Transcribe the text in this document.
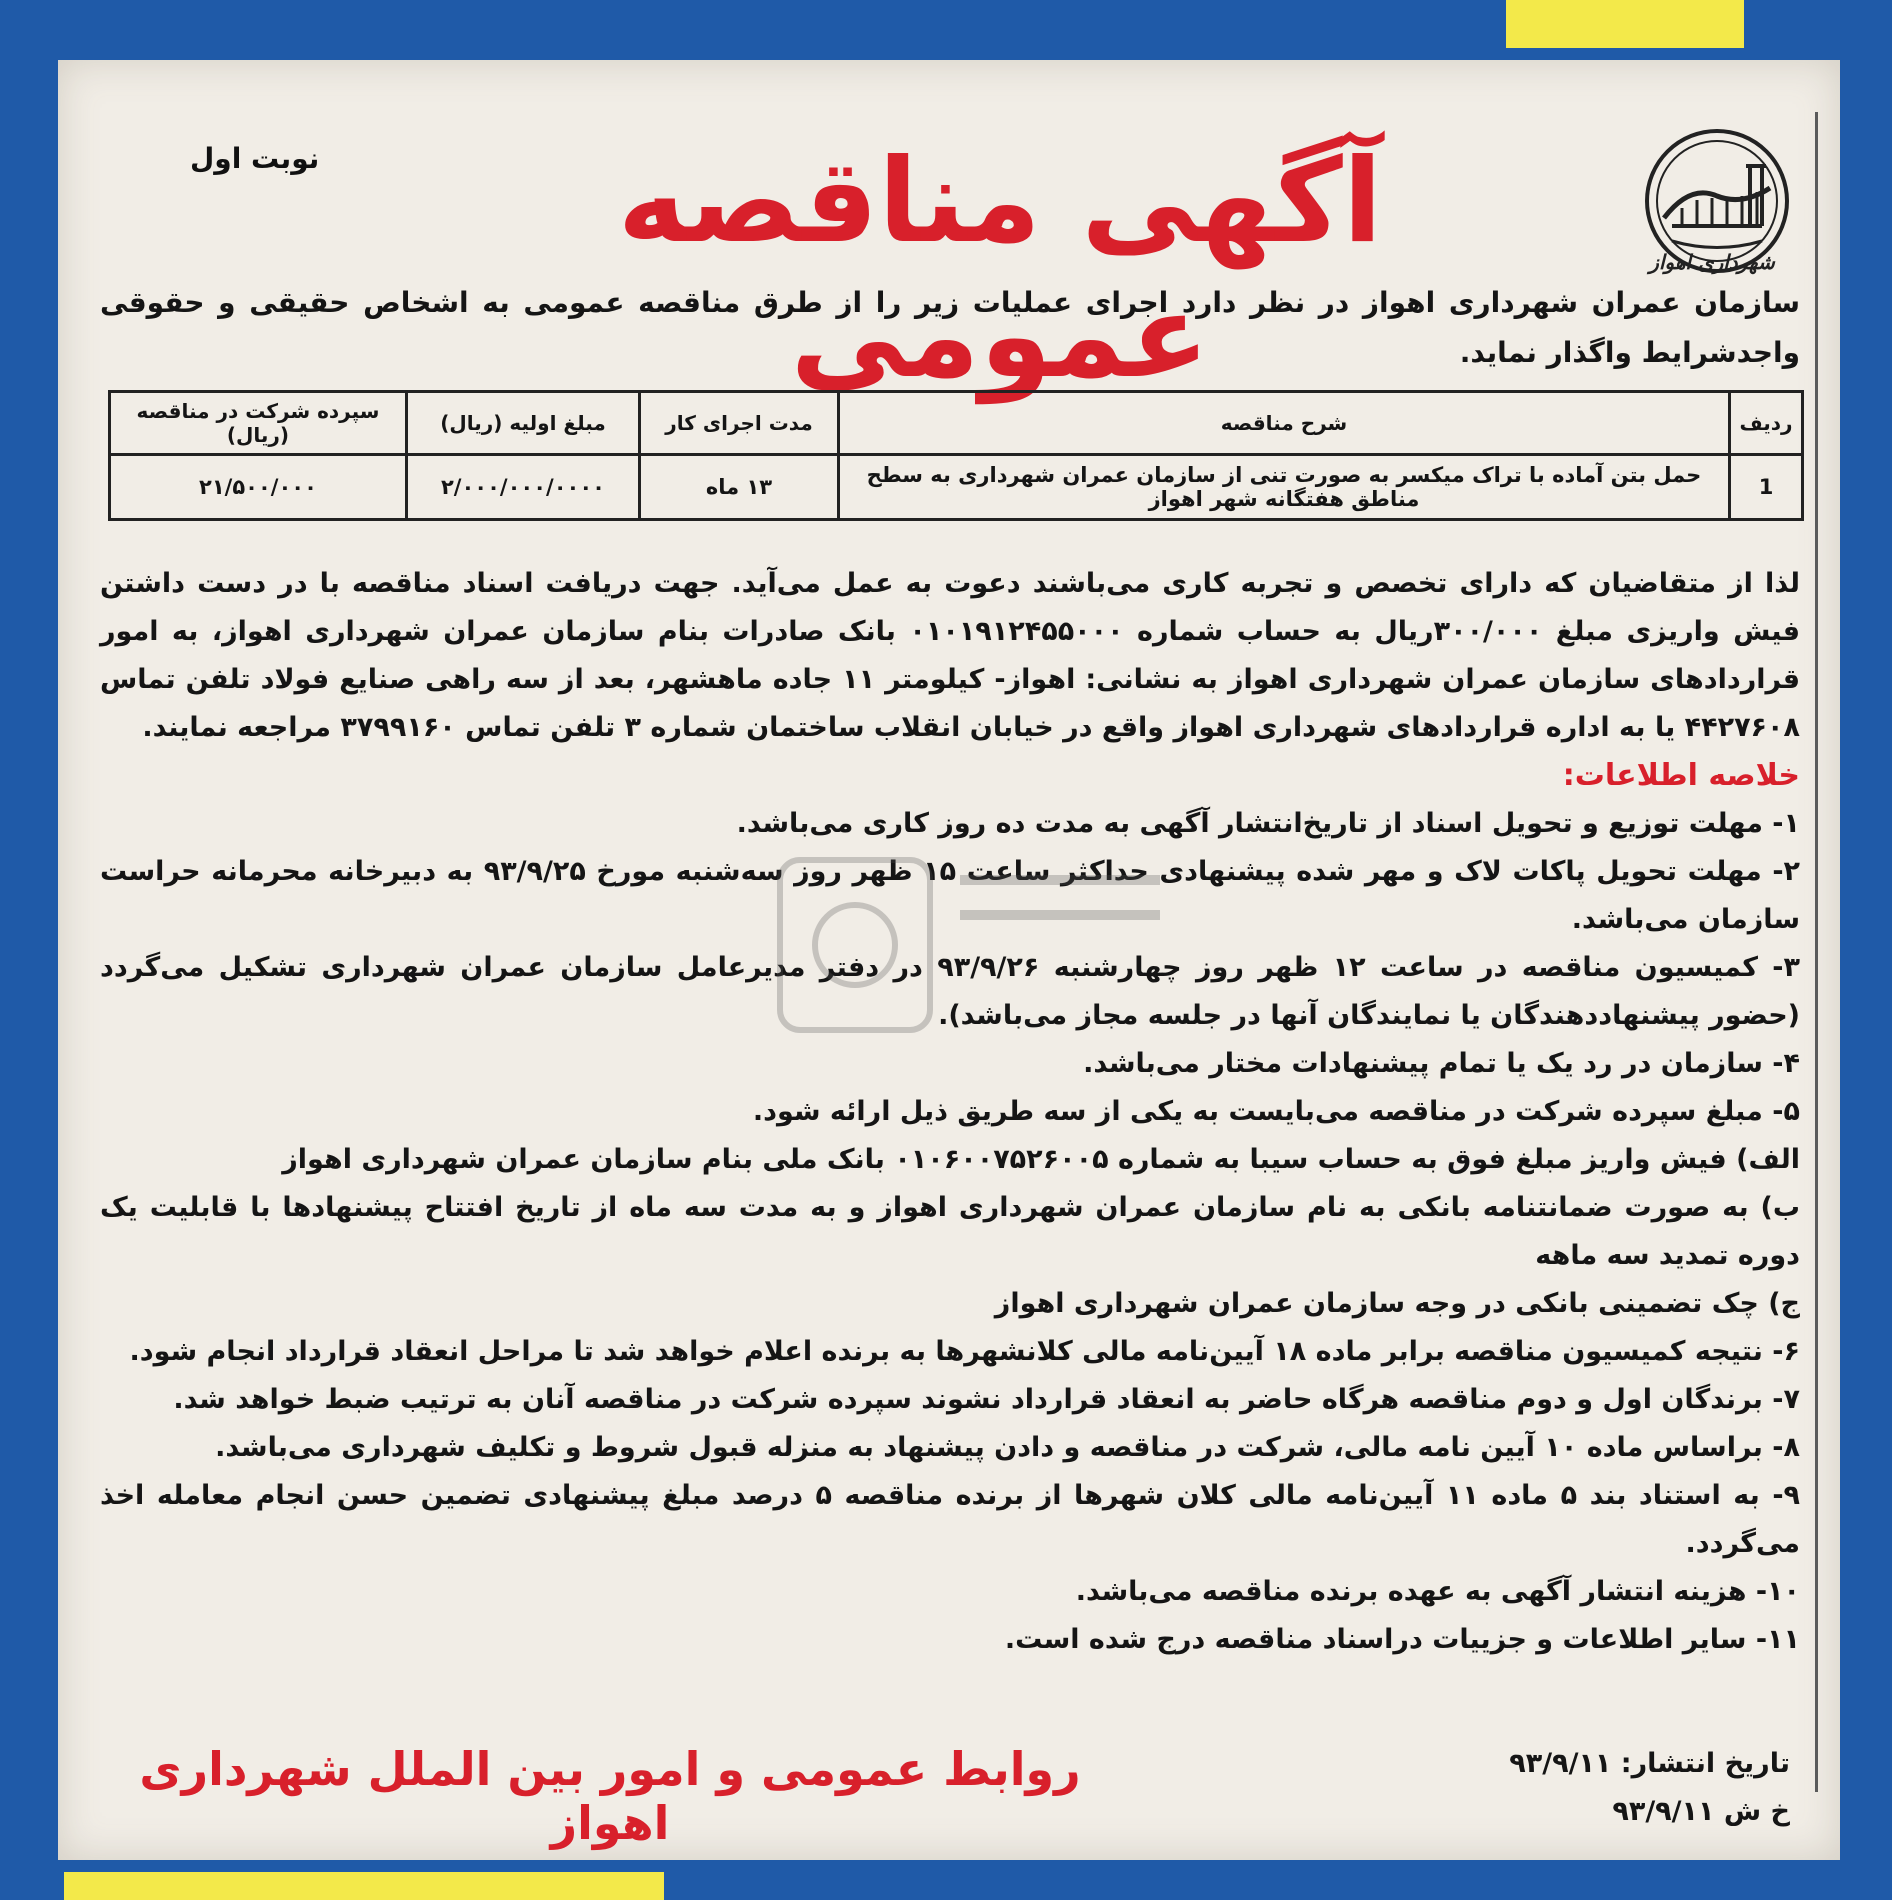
شهرداری اهواز
آگهی مناقصه عمومی
نوبت اول
سازمان عمران شهرداری اهواز در نظر دارد اجرای عملیات زیر را از طرق مناقصه عمومی به اشخاص حقیقی و حقوقی واجدشرایط واگذار نماید.
ردیف	شرح مناقصه	مدت اجرای کار	مبلغ اولیه (ریال)	سپرده شرکت در مناقصه (ریال)
1	حمل بتن آماده با تراک میکسر به صورت تنی از سازمان عمران شهرداری به سطح مناطق هفتگانه شهر اهواز	۱۳ ماه	۲/۰۰۰/۰۰۰/۰۰۰۰	۲۱/۵۰۰/۰۰۰

لذا از متقاضیان که دارای تخصص و تجربه کاری می‌باشند دعوت به عمل می‌آید. جهت دریافت اسناد مناقصه با در دست داشتن فیش واریزی مبلغ ۳۰۰/۰۰۰ریال به حساب شماره ۰۱۰۱۹۱۲۴۵۵۰۰۰ بانک صادرات بنام سازمان عمران شهرداری اهواز، به امور قراردادهای سازمان عمران شهرداری اهواز به نشانی: اهواز- کیلومتر ۱۱ جاده ماهشهر، بعد از سه راهی صنایع فولاد تلفن تماس ۴۴۲۷۶۰۸ یا به اداره قراردادهای شهرداری اهواز واقع در خیابان انقلاب ساختمان شماره ۳ تلفن تماس ۳۷۹۹۱۶۰ مراجعه نمایند.

خلاصه اطلاعات:

۱- مهلت توزیع و تحویل اسناد از تاریخ‌انتشار آگهی به مدت ده روز کاری می‌باشد.

۲- مهلت تحویل پاکات لاک و مهر شده پیشنهادی حداکثر ساعت ۱۵ ظهر روز سه‌شنبه مورخ ۹۳/۹/۲۵ به دبیرخانه محرمانه حراست سازمان می‌باشد.

۳- کمیسیون مناقصه در ساعت ۱۲ ظهر روز چهارشنبه ۹۳/۹/۲۶ در دفتر مدیرعامل سازمان عمران شهرداری تشکیل می‌گردد (حضور پیشنهاددهندگان یا نمایندگان آنها در جلسه مجاز می‌باشد).

۴- سازمان در رد یک یا تمام پیشنهادات مختار می‌باشد.

۵- مبلغ سپرده شرکت در مناقصه می‌بایست به یکی از سه طریق ذیل ارائه شود.

الف) فیش واریز مبلغ فوق به حساب سیبا به شماره ۰۱۰۶۰۰۷۵۲۶۰۰۵ بانک ملی بنام سازمان عمران شهرداری اهواز

ب) به صورت ضمانتنامه بانکی به نام سازمان عمران شهرداری اهواز و به مدت سه ماه از تاریخ افتتاح پیشنهادها با قابلیت یک دوره تمدید سه ماهه

ج) چک تضمینی بانکی در وجه سازمان عمران شهرداری اهواز

۶- نتیجه کمیسیون مناقصه برابر ماده ۱۸ آیین‌نامه مالی کلانشهرها به برنده اعلام خواهد شد تا مراحل انعقاد قرارداد انجام شود.

۷- برندگان اول و دوم مناقصه هرگاه حاضر به انعقاد قرارداد نشوند سپرده شرکت در مناقصه آنان به ترتیب ضبط خواهد شد.

۸- براساس ماده ۱۰ آیین نامه مالی، شرکت در مناقصه و دادن پیشنهاد به منزله قبول شروط و تکلیف شهرداری می‌باشد.

۹- به استناد بند ۵ ماده ۱۱ آیین‌نامه مالی کلان شهرها از برنده مناقصه ۵ درصد مبلغ پیشنهادی تضمین حسن انجام معامله اخذ می‌گردد.

۱۰- هزینه انتشار آگهی به عهده برنده مناقصه می‌باشد.

۱۱- سایر اطلاعات و جزییات دراسناد مناقصه درج شده است.

تاریخ انتشار: ۹۳/۹/۱۱
خ ش ۹۳/۹/۱۱
روابط عمومی و امور بین الملل شهرداری اهواز
